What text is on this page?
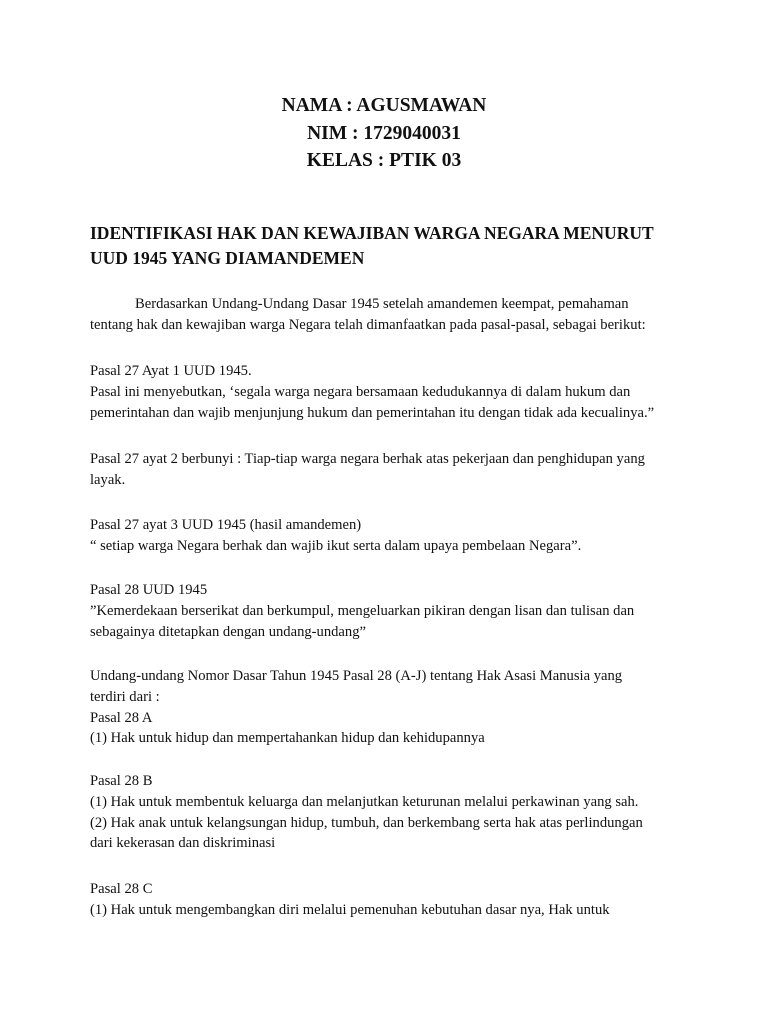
NAMA : AGUSMAWAN
NIM : 1729040031
KELAS : PTIK 03
IDENTIFIKASI HAK DAN KEWAJIBAN WARGA NEGARA MENURUT
UUD 1945 YANG DIAMANDEMEN
Berdasarkan Undang-Undang Dasar 1945 setelah amandemen keempat, pemahaman
tentang hak dan kewajiban warga Negara telah dimanfaatkan pada pasal-pasal, sebagai berikut:
Pasal 27 Ayat 1 UUD 1945.
Pasal ini menyebutkan, ‘segala warga negara bersamaan kedudukannya di dalam hukum dan
pemerintahan dan wajib menjunjung hukum dan pemerintahan itu dengan tidak ada kecualinya.”
Pasal 27 ayat 2 berbunyi : Tiap-tiap warga negara berhak atas pekerjaan dan penghidupan yang
layak.
Pasal 27 ayat 3 UUD 1945 (hasil amandemen)
“ setiap warga Negara berhak dan wajib ikut serta dalam upaya pembelaan Negara”.
Pasal 28 UUD 1945
”Kemerdekaan berserikat dan berkumpul, mengeluarkan pikiran dengan lisan dan tulisan dan
sebagainya ditetapkan dengan undang-undang”
Undang-undang Nomor Dasar Tahun 1945 Pasal 28 (A-J) tentang Hak Asasi Manusia yang
terdiri dari :
Pasal 28 A
(1) Hak untuk hidup dan mempertahankan hidup dan kehidupannya
Pasal 28 B
(1) Hak untuk membentuk keluarga dan melanjutkan keturunan melalui perkawinan yang sah.
(2) Hak anak untuk kelangsungan hidup, tumbuh, dan berkembang serta hak atas perlindungan
dari kekerasan dan diskriminasi
Pasal 28 C
(1) Hak untuk mengembangkan diri melalui pemenuhan kebutuhan dasar nya, Hak untuk
